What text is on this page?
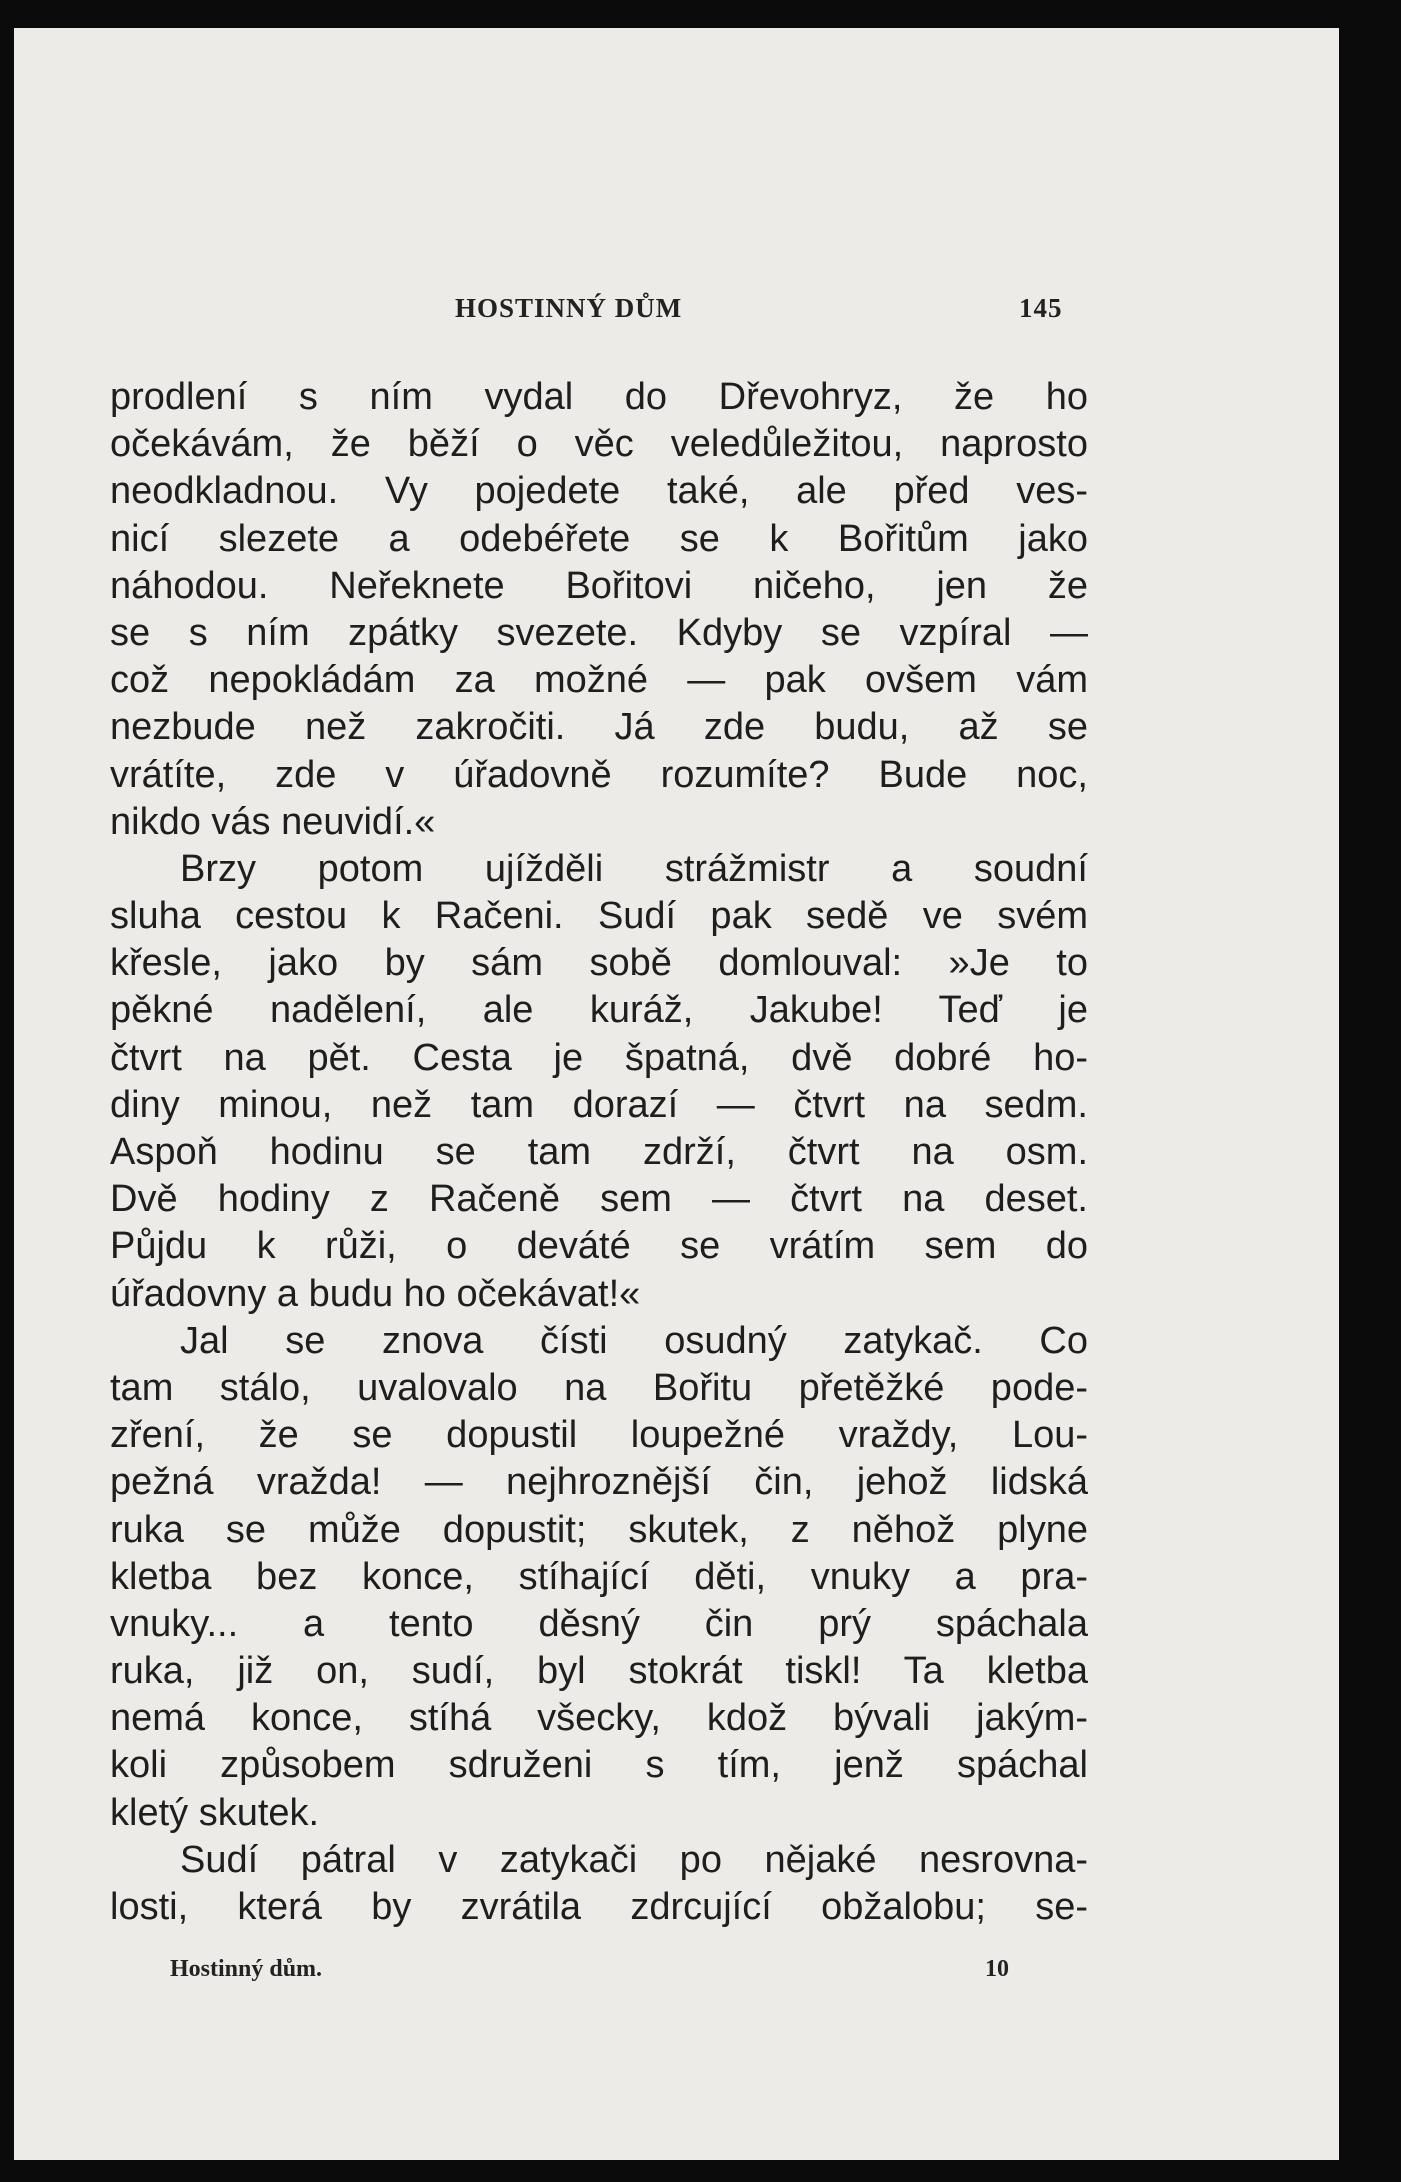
HOSTINNÝ DŮM	145
prodlení s ním vydal do Dřevohryz, že ho
očekávám, že běží o věc veledůležitou, naprosto
neodkladnou. Vy pojedete také, ale před ves-
nicí slezete a odebéřete se k Bořitům jako
náhodou. Neřeknete Bořitovi ničeho, jen že
se s ním zpátky svezete. Kdyby se vzpíral —
což nepokládám za možné — pak ovšem vám
nezbude než zakročiti. Já zde budu, až se
vrátíte, zde v úřadovně rozumíte? Bude noc,
nikdo vás neuvidí.«
Brzy potom ujížděli strážmistr a soudní
sluha cestou k Račeni. Sudí pak sedě ve svém
křesle, jako by sám sobě domlouval: »Je to
pěkné nadělení, ale kuráž, Jakube! Teď je
čtvrt na pět. Cesta je špatná, dvě dobré ho-
diny minou, než tam dorazí — čtvrt na sedm.
Aspoň hodinu se tam zdrží, čtvrt na osm.
Dvě hodiny z Račeně sem — čtvrt na deset.
Půjdu k růži, o deváté se vrátím sem do
úřadovny a budu ho očekávat!«
Jal se znova čísti osudný zatykač. Co
tam stálo, uvalovalo na Bořitu přetěžké pode-
zření, že se dopustil loupežné vraždy, Lou-
pežná vražda! — nejhroznější čin, jehož lidská
ruka se může dopustit; skutek, z něhož plyne
kletba bez konce, stíhající děti, vnuky a pra-
vnuky... a tento děsný čin prý spáchala
ruka, již on, sudí, byl stokrát tiskl! Ta kletba
nemá konce, stíhá všecky, kdož bývali jakým-
koli způsobem sdruženi s tím, jenž spáchal
kletý skutek.
Sudí pátral v zatykači po nějaké nesrovna-
losti, která by zvrátila zdrcující obžalobu; se-
Hostinný dům.	10
